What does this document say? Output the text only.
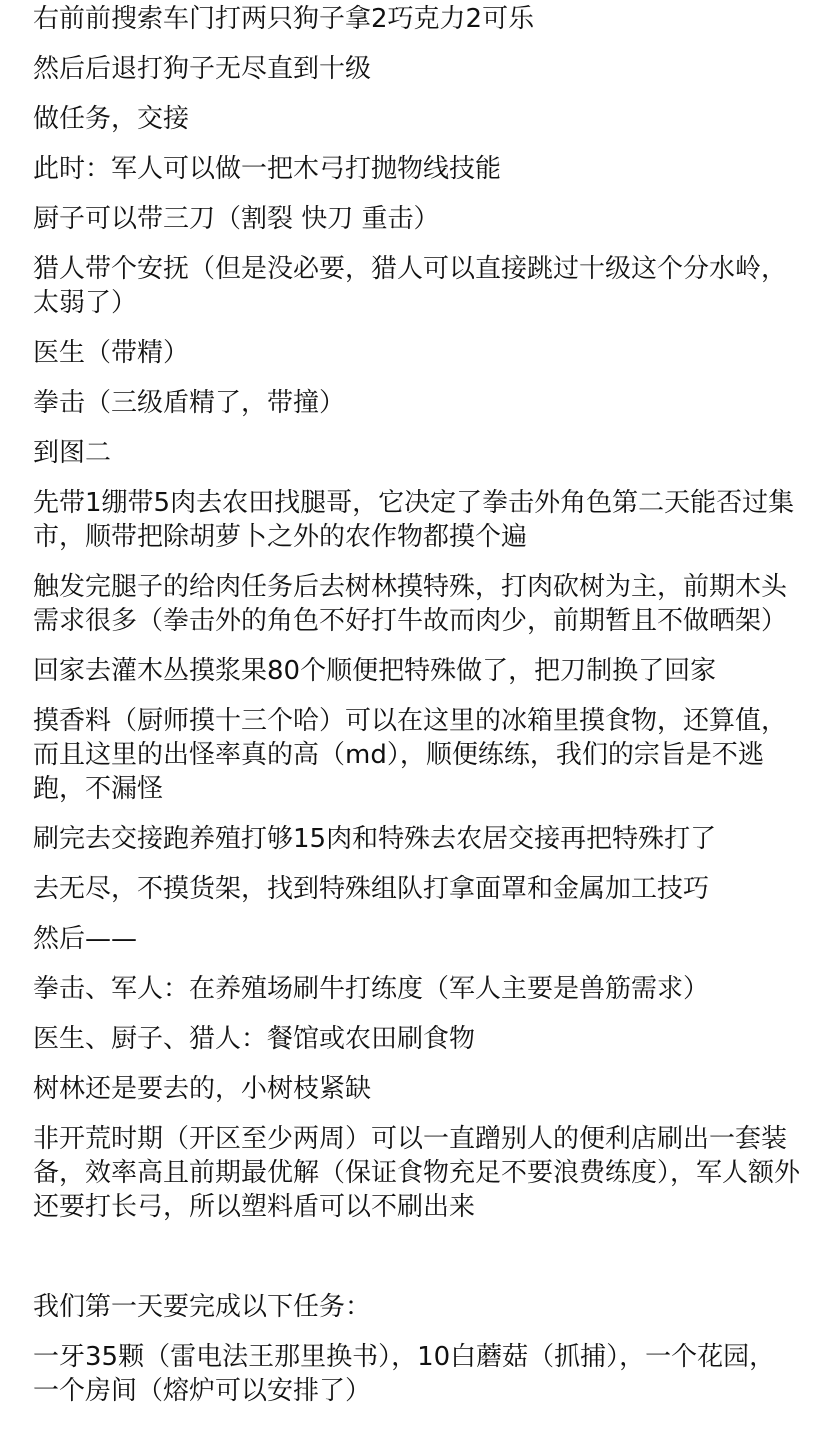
右前前搜索车门打两只狗子拿2巧克力2可乐

然后后退打狗子无尽直到十级

做任务，交接

此时：军人可以做一把木弓打抛物线技能

厨子可以带三刀（割裂 快刀 重击）

猎人带个安抚（但是没必要，猎人可以直接跳过十级这个分水岭，太弱了）

医生（带精）

拳击（三级盾精了，带撞）

到图二

先带1绷带5肉去农田找腿哥，它决定了拳击外角色第二天能否过集市，顺带把除胡萝卜之外的农作物都摸个遍

触发完腿子的给肉任务后去树林摸特殊，打肉砍树为主，前期木头需求很多（拳击外的角色不好打牛故而肉少，前期暂且不做晒架）

回家去灌木丛摸浆果80个顺便把特殊做了，把刀制换了回家

摸香料（厨师摸十三个哈）可以在这里的冰箱里摸食物，还算值，而且这里的出怪率真的高（md），顺便练练，我们的宗旨是不逃跑，不漏怪

刷完去交接跑养殖打够15肉和特殊去农居交接再把特殊打了

去无尽，不摸货架，找到特殊组队打拿面罩和金属加工技巧

然后——

拳击、军人：在养殖场刷牛打练度（军人主要是兽筋需求）

医生、厨子、猎人：餐馆或农田刷食物

树林还是要去的，小树枝紧缺

非开荒时期（开区至少两周）可以一直蹭别人的便利店刷出一套装备，效率高且前期最优解（保证食物充足不要浪费练度），军人额外还要打长弓，所以塑料盾可以不刷出来

我们第一天要完成以下任务：

一牙35颗（雷电法王那里换书），10白蘑菇（抓捕），一个花园，一个房间（熔炉可以安排了）
